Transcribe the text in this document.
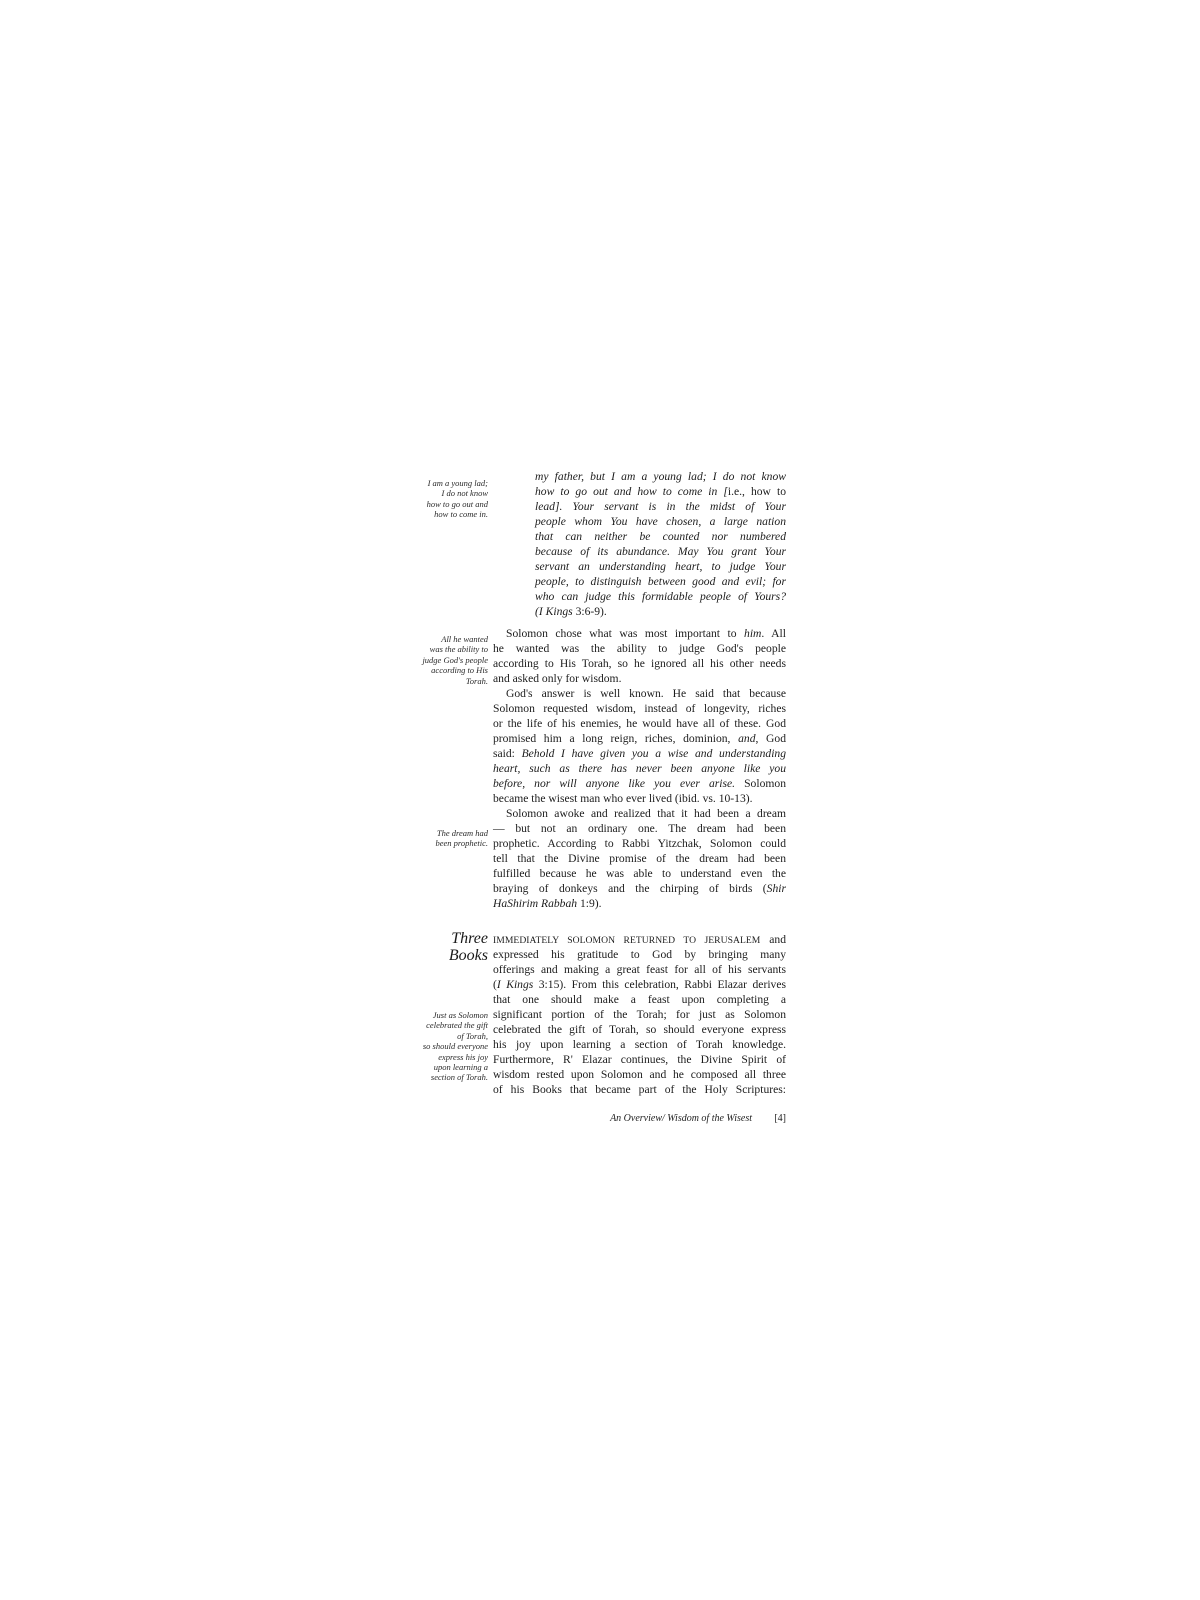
I am a young lad;
I do not know
how to go out and
how to come in.
my father, but I am a young lad; I do not know
how to go out and how to come in [i.e., how to
lead]. Your servant is in the midst of Your
people whom You have chosen, a large nation
that can neither be counted nor numbered
because of its abundance. May You grant Your
servant an understanding heart, to judge Your
people, to distinguish between good and evil; for
who can judge this formidable people of Yours?
(I Kings 3:6-9).
All he wanted
was the ability to
judge God's people
according to His
Torah.
Solomon chose what was most important to him. All
he wanted was the ability to judge God's people
according to His Torah, so he ignored all his other needs
and asked only for wisdom.
God's answer is well known. He said that because
Solomon requested wisdom, instead of longevity, riches
or the life of his enemies, he would have all of these. God
promised him a long reign, riches, dominion, and, God
said: Behold I have given you a wise and understanding
heart, such as there has never been anyone like you
before, nor will anyone like you ever arise. Solomon
became the wisest man who ever lived (ibid. vs. 10-13).
Solomon awoke and realized that it had been a dream
— but not an ordinary one. The dream had been
prophetic. According to Rabbi Yitzchak, Solomon could
tell that the Divine promise of the dream had been
fulfilled because he was able to understand even the
braying of donkeys and the chirping of birds (Shir
HaShirim Rabbah 1:9).
The dream had
been prophetic.
Three
Books
Just as Solomon
celebrated the gift
of Torah,
so should everyone
express his joy
upon learning a
section of Torah.
IMMEDIATELY SOLOMON RETURNED TO JERUSALEM and
expressed his gratitude to God by bringing many
offerings and making a great feast for all of his servants
(I Kings 3:15). From this celebration, Rabbi Elazar derives
that one should make a feast upon completing a
significant portion of the Torah; for just as Solomon
celebrated the gift of Torah, so should everyone express
his joy upon learning a section of Torah knowledge.
Furthermore, R' Elazar continues, the Divine Spirit of
wisdom rested upon Solomon and he composed all three
of his Books that became part of the Holy Scriptures:
An Overview/ Wisdom of the Wisest	[4]
